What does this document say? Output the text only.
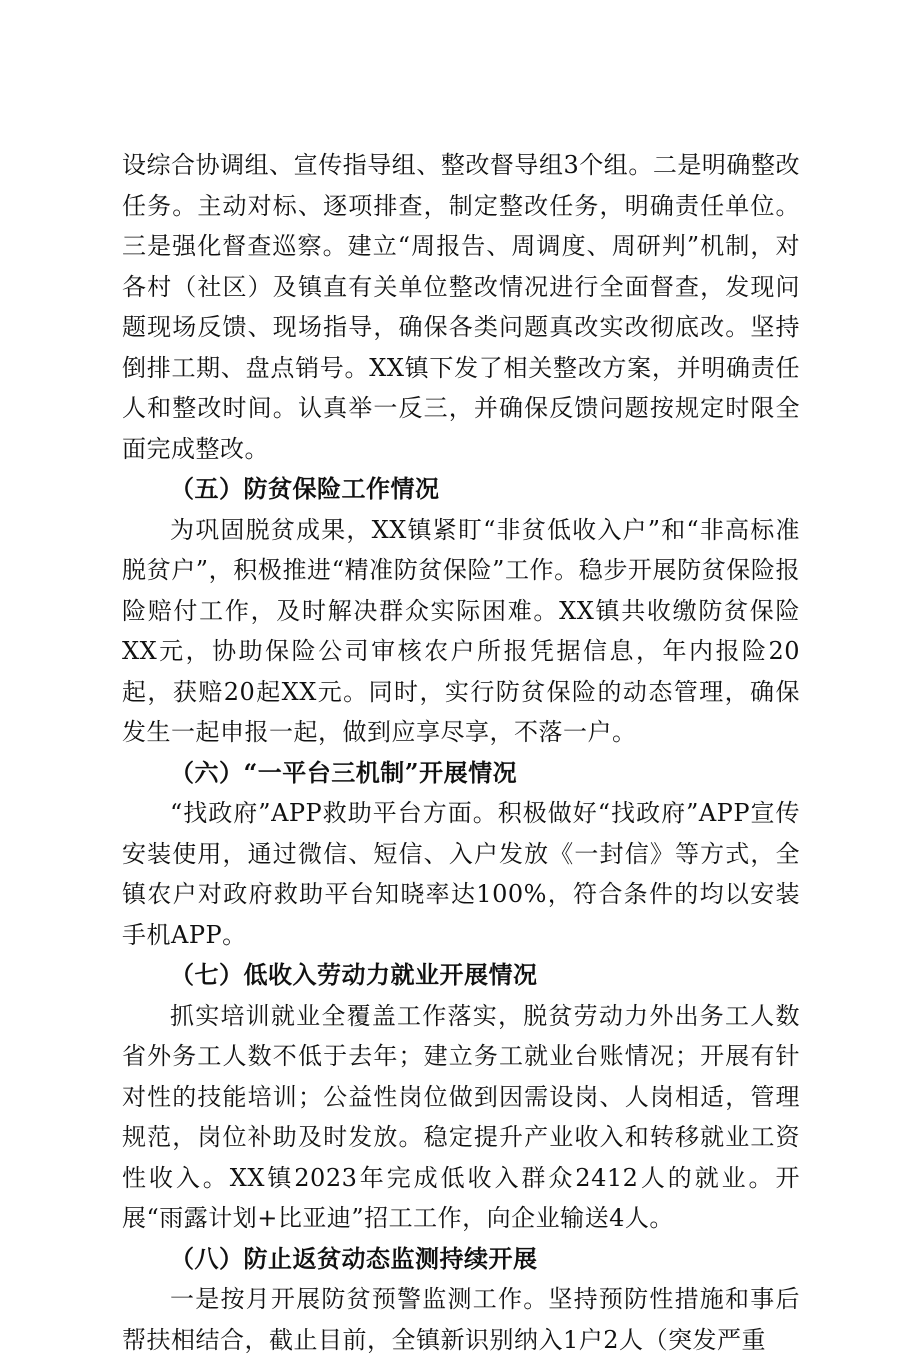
设综合协调组、宣传指导组、整改督导组3个组。二是明确整改任务。主动对标、逐项排查，制定整改任务，明确责任单位。三是强化督查巡察。建立“周报告、周调度、周研判”机制，对各村（社区）及镇直有关单位整改情况进行全面督查，发现问题现场反馈、现场指导，确保各类问题真改实改彻底改。坚持倒排工期、盘点销号。XX镇下发了相关整改方案，并明确责任人和整改时间。认真举一反三，并确保反馈问题按规定时限全面完成整改。

（五）防贫保险工作情况

为巩固脱贫成果，XX镇紧盯“非贫低收入户”和“非高标准脱贫户”，积极推进“精准防贫保险”工作。稳步开展防贫保险报险赔付工作，及时解决群众实际困难。XX镇共收缴防贫保险XX元，协助保险公司审核农户所报凭据信息，年内报险20起，获赔20起XX元。同时，实行防贫保险的动态管理，确保发生一起申报一起，做到应享尽享，不落一户。

（六）“一平台三机制”开展情况

“找政府”APP救助平台方面。积极做好“找政府”APP宣传安装使用，通过微信、短信、入户发放《一封信》等方式，全镇农户对政府救助平台知晓率达100%，符合条件的均以安装手机APP。

（七）低收入劳动力就业开展情况

抓实培训就业全覆盖工作落实，脱贫劳动力外出务工人数省外务工人数不低于去年；建立务工就业台账情况；开展有针对性的技能培训；公益性岗位做到因需设岗、人岗相适，管理规范，岗位补助及时发放。稳定提升产业收入和转移就业工资性收入。XX镇2023年完成低收入群众2412人的就业。开展“雨露计划+比亚迪”招工工作，向企业输送4人。

（八）防止返贫动态监测持续开展

一是按月开展防贫预警监测工作。坚持预防性措施和事后帮扶相结合，截止目前，全镇新识别纳入1户2人（突发严重
